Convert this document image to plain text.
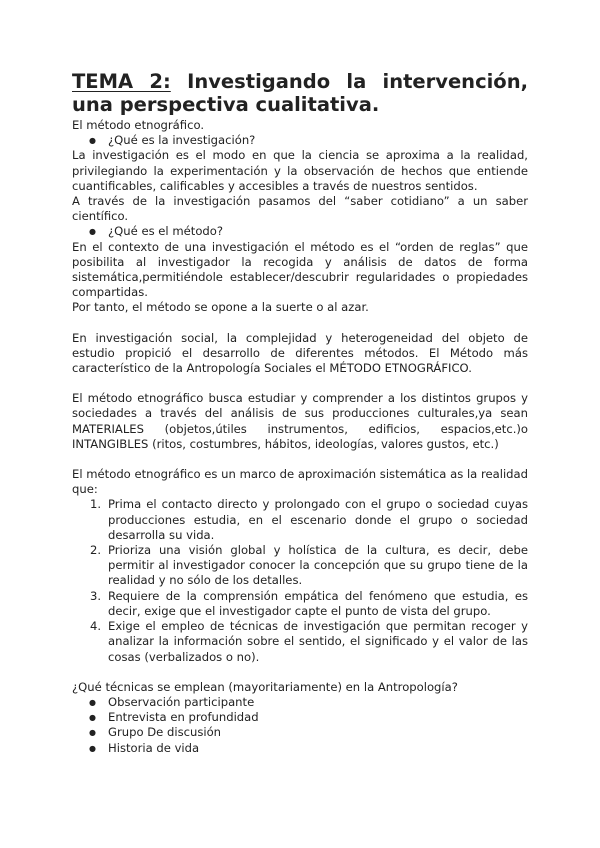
TEMA 2: Investigando la intervención, una perspectiva cualitativa.

El método etnográfico.

● ¿Qué es la investigación?

La investigación es el modo en que la ciencia se aproxima a la realidad, privilegiando la experimentación y la observación de hechos que entiende cuantificables, calificables y accesibles a través de nuestros sentidos.

A través de la investigación pasamos del “saber cotidiano” a un saber científico.

● ¿Qué es el método?

En el contexto de una investigación el método es el “orden de reglas” que posibilita al investigador la recogida y análisis de datos de forma sistemática,permitiéndole establecer/descubrir regularidades o propiedades compartidas.

Por tanto, el método se opone a la suerte o al azar.

En investigación social, la complejidad y heterogeneidad del objeto de estudio propició el desarrollo de diferentes métodos. El Método más característico de la Antropología Sociales el MÉTODO ETNOGRÁFICO.

El método etnográfico busca estudiar y comprender a los distintos grupos y sociedades a través del análisis de sus producciones culturales,ya sean MATERIALES (objetos,útiles instrumentos, edificios, espacios,etc.)o INTANGIBLES (ritos, costumbres, hábitos, ideologías, valores gustos, etc.)

El método etnográfico es un marco de aproximación sistemática as la realidad que:

1. Prima el contacto directo y prolongado con el grupo o sociedad cuyas producciones estudia, en el escenario donde el grupo o sociedad desarrolla su vida.
2. Prioriza una visión global y holística de la cultura, es decir, debe permitir al investigador conocer la concepción que su grupo tiene de la realidad y no sólo de los detalles.
3. Requiere de la comprensión empática del fenómeno que estudia, es decir, exige que el investigador capte el punto de vista del grupo.
4. Exige el empleo de técnicas de investigación que permitan recoger y analizar la información sobre el sentido, el significado y el valor de las cosas (verbalizados o no).

¿Qué técnicas se emplean (mayoritariamente) en la Antropología?

● Observación participante
● Entrevista en profundidad
● Grupo De discusión
● Historia de vida
